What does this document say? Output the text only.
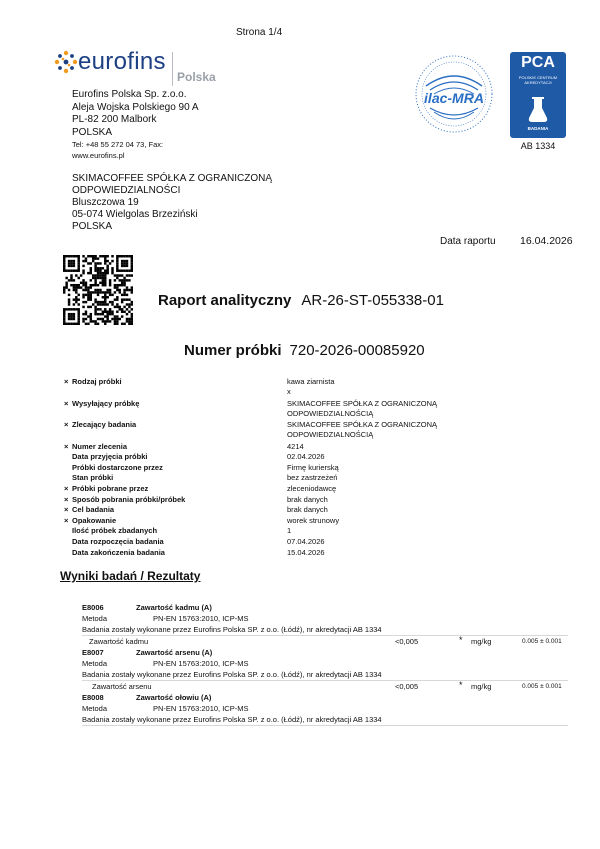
Strona 1/4
eurofins
Polska
Eurofins Polska Sp. z.o.o.
Aleja Wojska Polskiego 90 A
PL-82 200 Malbork
POLSKA
Tel: +48 55 272 04 73, Fax:
www.eurofins.pl
ilac-MRA
PCA
POLSKIE CENTRUM
AKREDYTACJI
BADANIA
AB 1334
SKIMACOFFEE SPÓŁKA Z OGRANICZONĄ
ODPOWIEDZIALNOŚCI
Bluszczowa 19
05-074 Wielgolas Brzeziński
POLSKA
Data raportu 16.04.2026
Raport analityczny AR-26-ST-055338-01
Numer próbki 720-2026-00085920
× Rodzaj próbki	kawa ziarnista
x
× Wysyłający próbkę	SKIMACOFFEE SPÓŁKA Z OGRANICZONĄ
ODPOWIEDZIALNOŚCIĄ
× Zlecający badania	SKIMACOFFEE SPÓŁKA Z OGRANICZONĄ
ODPOWIEDZIALNOŚCIĄ
× Numer zlecenia	4214
Data przyjęcia próbki	02.04.2026
Próbki dostarczone przez	Firmę kurierską
Stan próbki	bez zastrzeżeń
× Próbki pobrane przez	zleceniodawcę
× Sposób pobrania próbki/próbek	brak danych
× Cel badania	brak danych
× Opakowanie	worek strunowy
Ilość próbek zbadanych	1
Data rozpoczęcia badania	07.04.2026
Data zakończenia badania	15.04.2026
Wyniki badań / Rezultaty
E8006	Zawartość kadmu (A)
Metoda	PN-EN 15763:2010, ICP-MS
Badania zostały wykonane przez Eurofins Polska SP. z o.o. (Łódź), nr akredytacji AB 1334
Zawartość kadmu	<0,005	* mg/kg	0.005 ± 0.001
E8007	Zawartość arsenu (A)
Metoda	PN-EN 15763:2010, ICP-MS
Badania zostały wykonane przez Eurofins Polska SP. z o.o. (Łódź), nr akredytacji AB 1334
Zawartość arsenu	<0,005	* mg/kg	0.005 ± 0.001
E8008	Zawartość ołowiu (A)
Metoda	PN-EN 15763:2010, ICP-MS
Badania zostały wykonane przez Eurofins Polska SP. z o.o. (Łódź), nr akredytacji AB 1334
